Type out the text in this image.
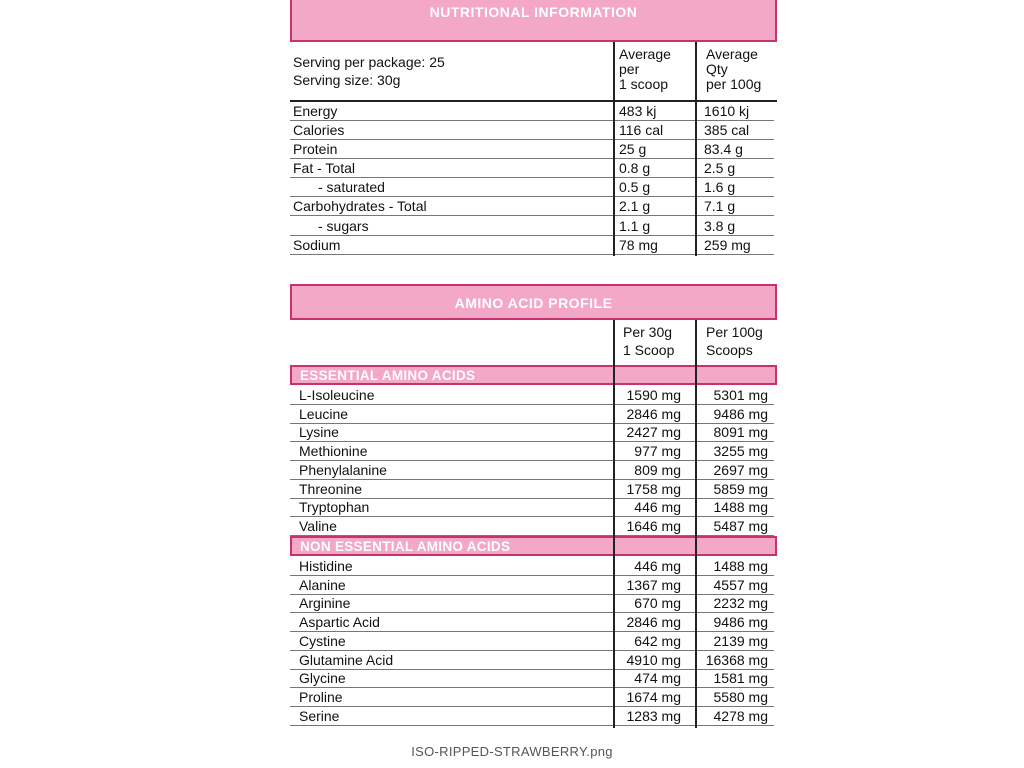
NUTRITIONAL INFORMATION
Serving per package: 25
Serving size: 30g
Average
per
1 scoop
Average
Qty
per 100g
Energy	483 kj	1610 kj
Calories	116 cal	385 cal
Protein	25 g	83.4 g
Fat - Total	0.8 g	2.5 g
- saturated	0.5 g	1.6 g
Carbohydrates - Total	2.1 g	7.1 g
- sugars	1.1 g	3.8 g
Sodium	78 mg	259 mg
AMINO ACID PROFILE
Per 30g
1 Scoop
Per 100g
Scoops
ESSENTIAL AMINO ACIDS
L-Isoleucine	1590 mg 5301 mg
Leucine	2846 mg 9486 mg
Lysine	2427 mg 8091 mg
Methionine	977 mg 3255 mg
Phenylalanine	809 mg 2697 mg
Threonine	1758 mg 5859 mg
Tryptophan	446 mg 1488 mg
Valine	1646 mg 5487 mg
NON ESSENTIAL AMINO ACIDS
Histidine	446 mg 1488 mg
Alanine	1367 mg 4557 mg
Arginine	670 mg 2232 mg
Aspartic Acid	2846 mg 9486 mg
Cystine	642 mg 2139 mg
Glutamine Acid	4910 mg 16368 mg
Glycine	474 mg 1581 mg
Proline	1674 mg 5580 mg
Serine	1283 mg 4278 mg
ISO-RIPPED-STRAWBERRY.png
